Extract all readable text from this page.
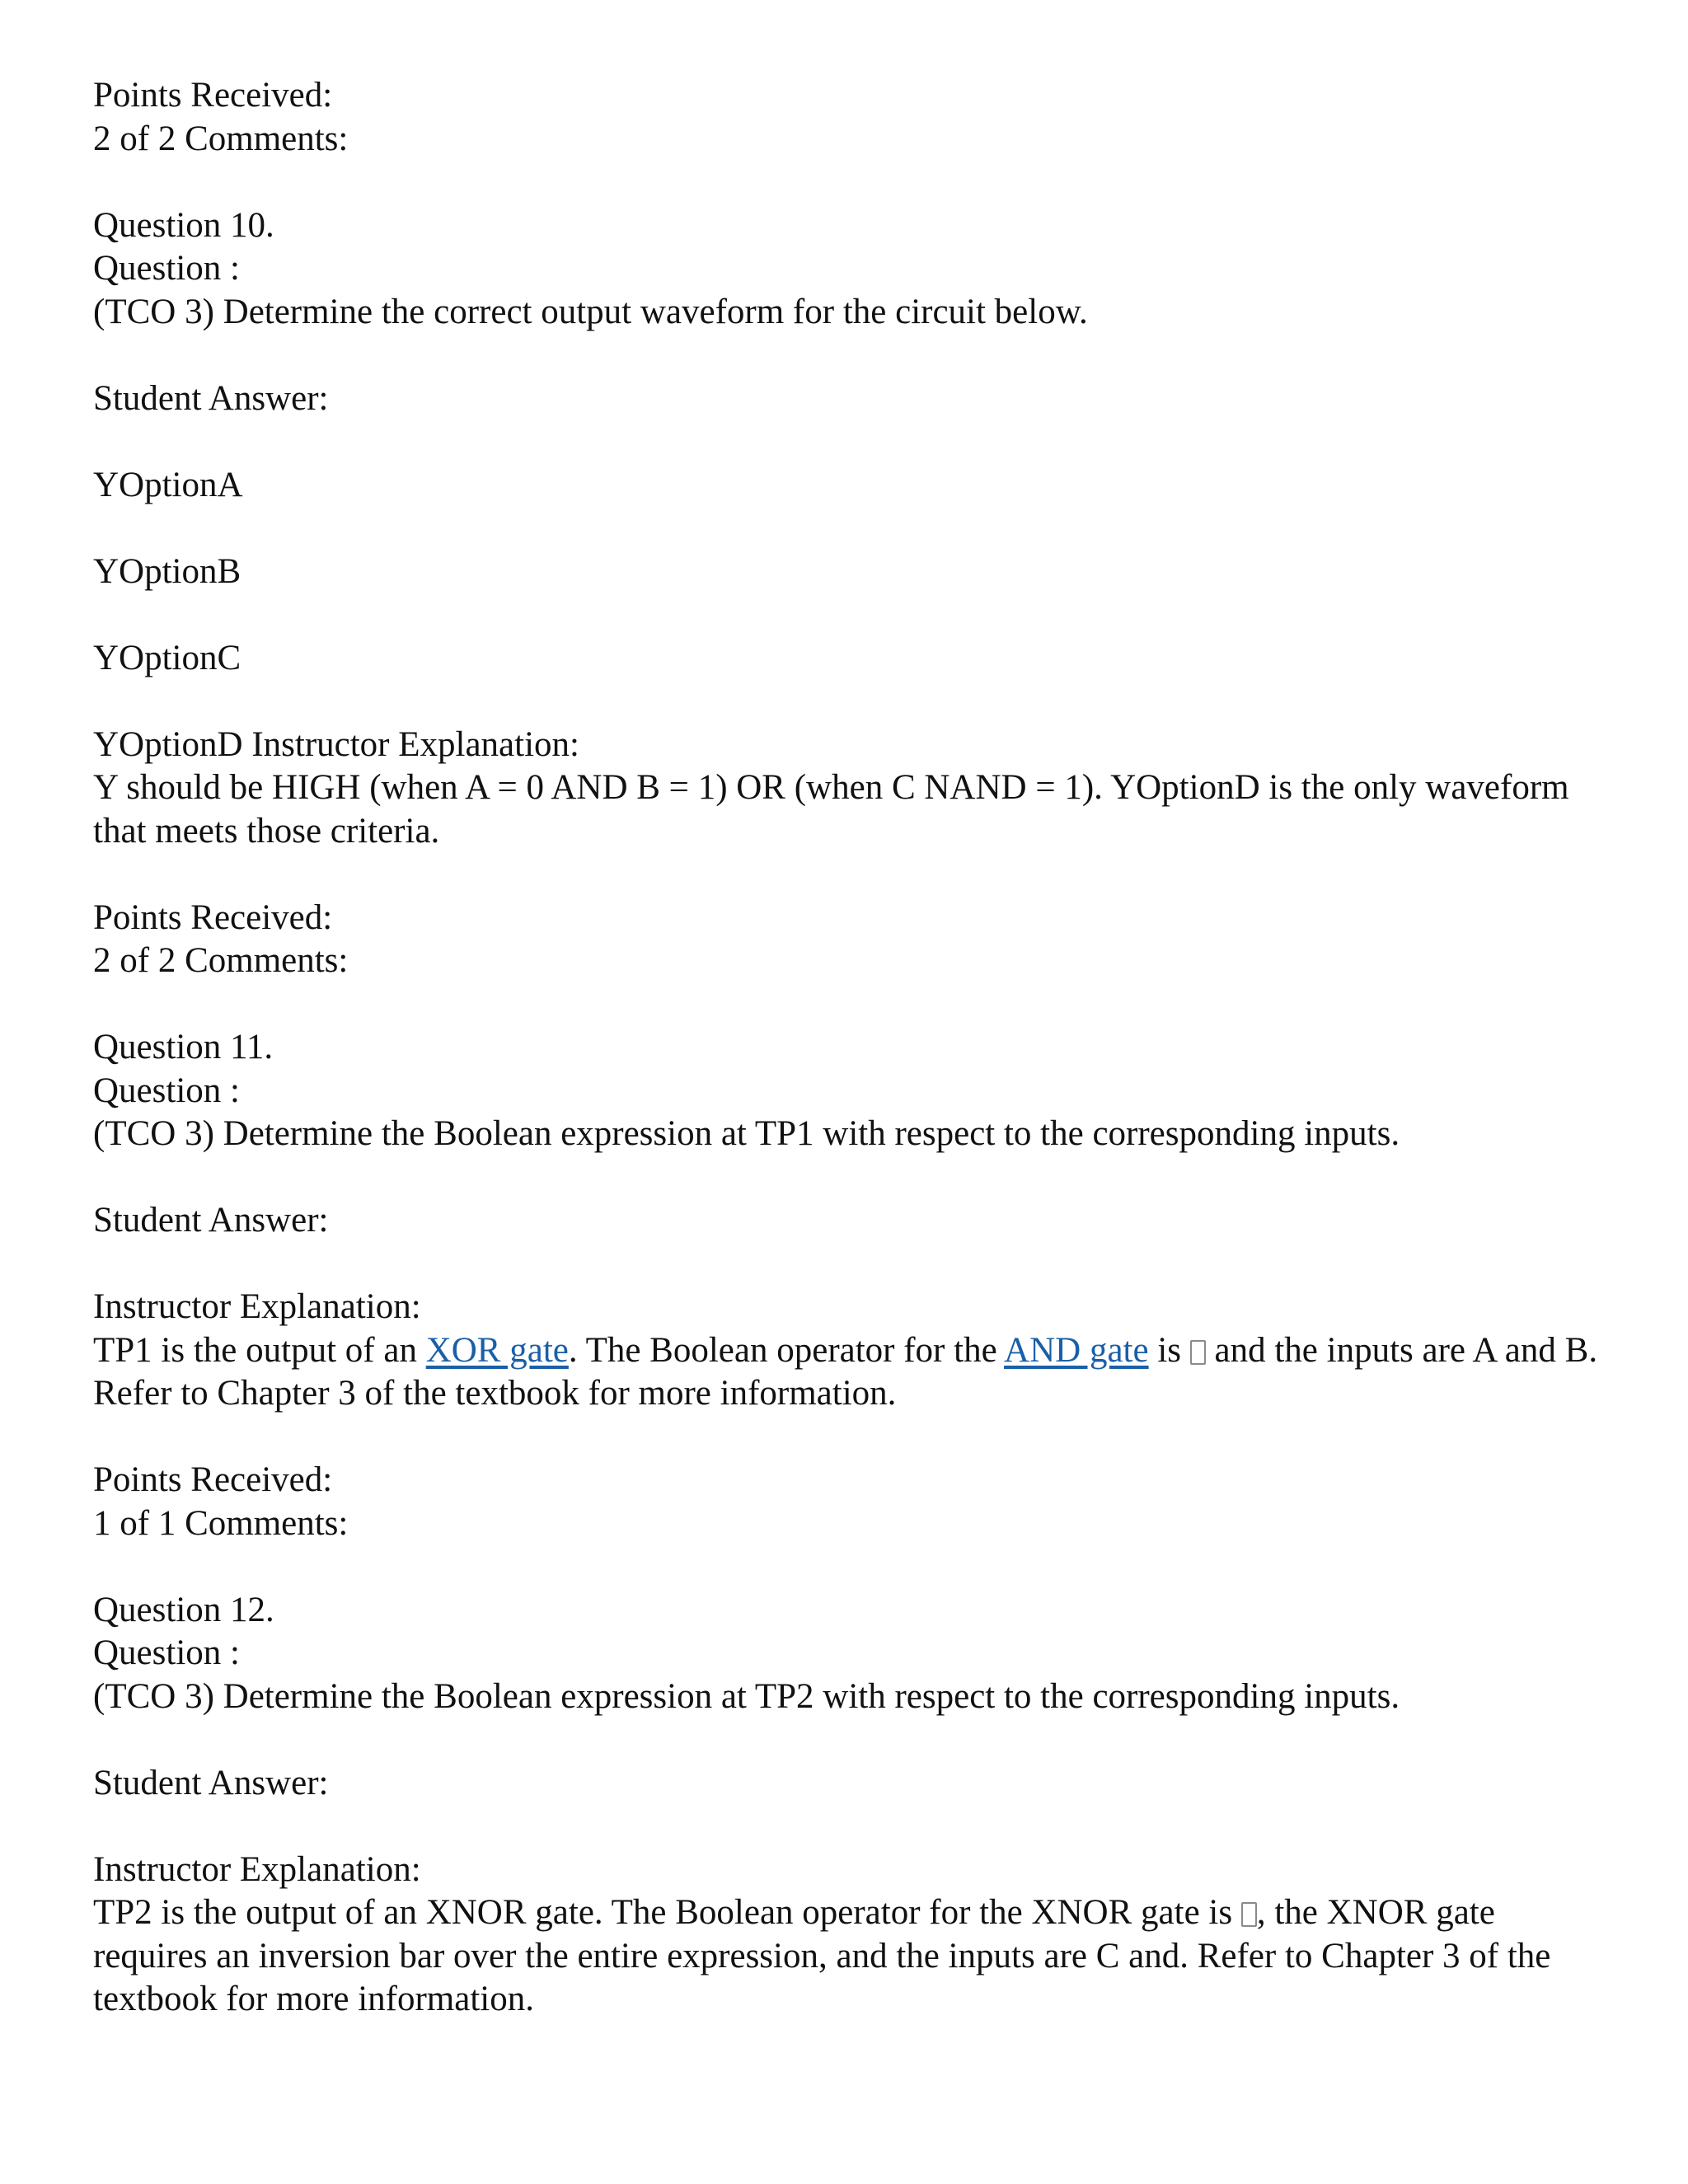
Points Received:
2 of 2 Comments:
Question 10.
Question :
(TCO 3) Determine the correct output waveform for the circuit below.
Student Answer:
YOptionA
YOptionB
YOptionC
YOptionD Instructor Explanation:
Y should be HIGH (when A = 0 AND B = 1) OR (when C NAND = 1). YOptionD is the only waveform that meets those criteria.
Points Received:
2 of 2 Comments:
Question 11.
Question :
(TCO 3) Determine the Boolean expression at TP1 with respect to the corresponding inputs.
Student Answer:
Instructor Explanation:
TP1 is the output of an XOR gate. The Boolean operator for the AND gate is  and the inputs are A and B. Refer to Chapter 3 of the textbook for more information.
Points Received:
1 of 1 Comments:
Question 12.
Question :
(TCO 3) Determine the Boolean expression at TP2 with respect to the corresponding inputs.
Student Answer:
Instructor Explanation:
TP2 is the output of an XNOR gate. The Boolean operator for the XNOR gate is , the XNOR gate requires an inversion bar over the entire expression, and the inputs are C and. Refer to Chapter 3 of the textbook for more information.
